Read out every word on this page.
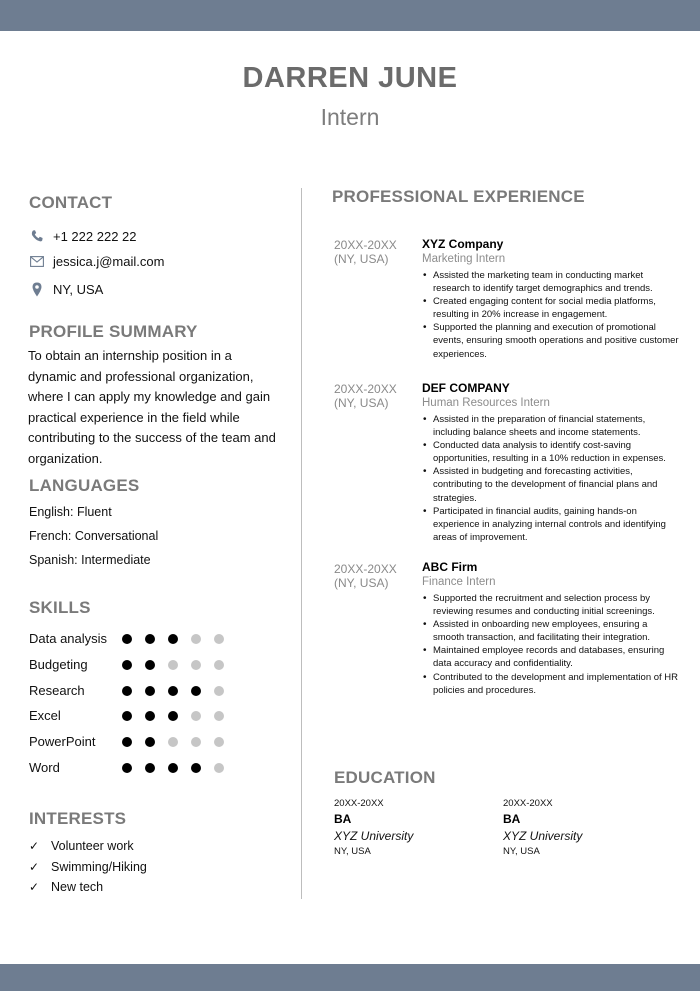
DARREN JUNE
Intern
CONTACT
+1 222 222 22
jessica.j@mail.com
NY, USA
PROFILE SUMMARY
To obtain an internship position in a dynamic and professional organization, where I can apply my knowledge and gain practical experience in the field while contributing to the success of the team and organization.
LANGUAGES
English: Fluent
French: Conversational
Spanish: Intermediate
SKILLS
Data analysis
Budgeting
Research
Excel
PowerPoint
Word
INTERESTS
✓ Volunteer work
✓ Swimming/Hiking
✓ New tech
PROFESSIONAL EXPERIENCE
20XX-20XX
(NY, USA)
XYZ Company
Marketing Intern
• Assisted the marketing team in conducting market research to identify target demographics and trends.
• Created engaging content for social media platforms, resulting in 20% increase in engagement.
• Supported the planning and execution of promotional events, ensuring smooth operations and positive customer experiences.
20XX-20XX
(NY, USA)
DEF COMPANY
Human Resources Intern
• Assisted in the preparation of financial statements, including balance sheets and income statements.
• Conducted data analysis to identify cost-saving opportunities, resulting in a 10% reduction in expenses.
• Assisted in budgeting and forecasting activities, contributing to the development of financial plans and strategies.
• Participated in financial audits, gaining hands-on experience in analyzing internal controls and identifying areas of improvement.
20XX-20XX
(NY, USA)
ABC Firm
Finance Intern
• Supported the recruitment and selection process by reviewing resumes and conducting initial screenings.
• Assisted in onboarding new employees, ensuring a smooth transaction, and facilitating their integration.
• Maintained employee records and databases, ensuring data accuracy and confidentiality.
• Contributed to the development and implementation of HR policies and procedures.
EDUCATION
20XX-20XX
BA
XYZ University
NY, USA
20XX-20XX
BA
XYZ University
NY, USA
